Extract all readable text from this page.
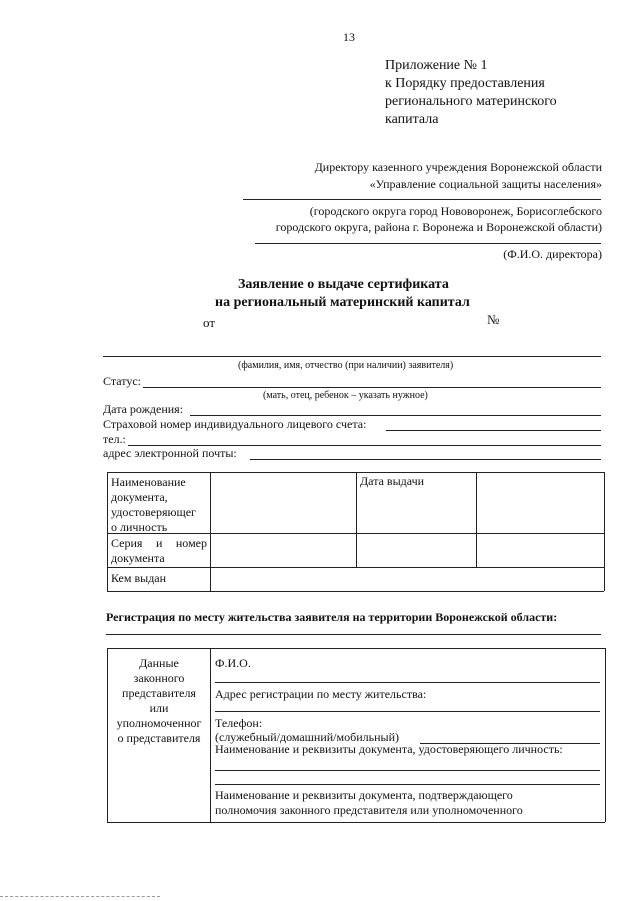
13
Приложение № 1
к Порядку предоставления
регионального материнского
капитала
Директору казенного учреждения Воронежской области
«Управление социальной защиты населения»
(городского округа город Нововоронеж, Борисоглебского
городского округа, района г. Воронежа и Воронежской области)
(Ф.И.О. директора)
Заявление о выдаче сертификата
на региональный материнский капитал
от	№
(фамилия, имя, отчество (при наличии) заявителя)
Статус:
(мать, отец, ребенок – указать нужное)
Дата рождения:
Страховой номер индивидуального лицевого счета:
тел.:
адрес электронной почты:
Наименование
документа,
удостоверяющег
о личность
Дата выдачи
Серия и номер
документа
Кем выдан
Регистрация по месту жительства заявителя на территории Воронежской области:
Данные
законного
представителя
или
уполномоченног
о представителя
Ф.И.О.
Адрес регистрации по месту жительства:
Телефон:
(служебный/домашний/мобильный)
Наименование и реквизиты документа, удостоверяющего личность:
Наименование и реквизиты документа, подтверждающего
полномочия законного представителя или уполномоченного
